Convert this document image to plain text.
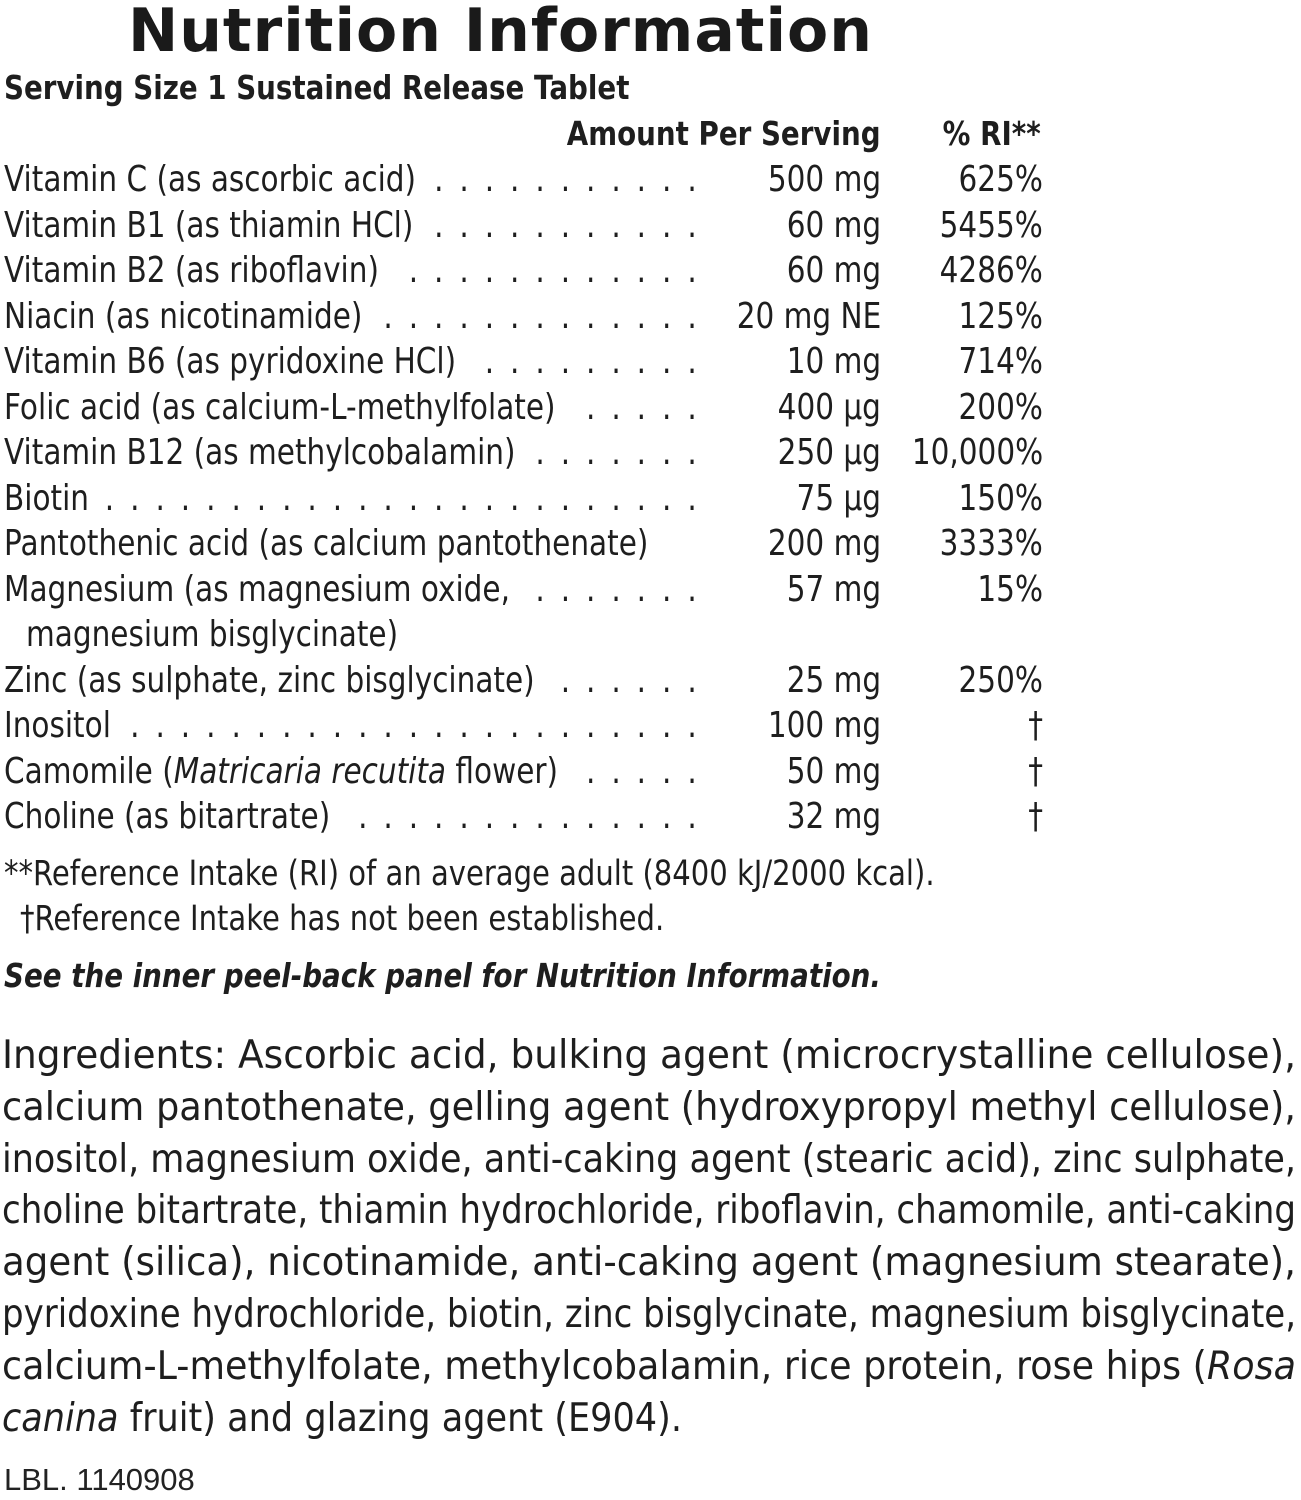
Nutrition Information
Serving Size 1 Sustained Release Tablet
Amount Per Serving % RI**
Vitamin C (as ascorbic acid) . . . . . . . . . . . 500 mg 625%
Vitamin B1 (as thiamin HCl) . . . . . . . . . . . 60 mg 5455%
Vitamin B2 (as riboflavin) . . . . . . . . . . . . 60 mg 4286%
Niacin (as nicotinamide) . . . . . . . . . . . . . 20 mg NE 125%
Vitamin B6 (as pyridoxine HCl) . . . . . . . . . 10 mg 714%
Folic acid (as calcium-L-methylfolate) . . . . . 400 µg 200%
Vitamin B12 (as methylcobalamin) . . . . . . . 250 µg 10,000%
Biotin . . . . . . . . . . . . . . . . . . . . . . . .	75 µg 150%
Pantothenic acid (as calcium pantothenate)	200 mg 3333%
Magnesium (as magnesium oxide, . . . . . . . 57 mg	15%
magnesium bisglycinate)
Zinc (as sulphate, zinc bisglycinate) . . . . . . 25 mg 250%
Inositol . . . . . . . . . . . . . . . . . . . . . . . 100 mg	†
Camomile (Matricaria recutita flower) . . . . . 50 mg	†
Choline (as bitartrate) . . . . . . . . . . . . . . 32 mg	†
**Reference Intake (RI) of an average adult (8400 kJ/2000 kcal).
†Reference Intake has not been established.
See the inner peel-back panel for Nutrition Information.
Ingredients: Ascorbic acid, bulking agent (microcrystalline cellulose),
calcium pantothenate, gelling agent (hydroxypropyl methyl cellulose),
inositol, magnesium oxide, anti-caking agent (stearic acid), zinc sulphate,
choline bitartrate, thiamin hydrochloride, riboflavin, chamomile, anti-caking
agent (silica), nicotinamide, anti-caking agent (magnesium stearate),
pyridoxine hydrochloride, biotin, zinc bisglycinate, magnesium bisglycinate,
calcium-L-methylfolate, methylcobalamin, rice protein, rose hips (Rosa
canina fruit) and glazing agent (E904).
LBL. 1140908
